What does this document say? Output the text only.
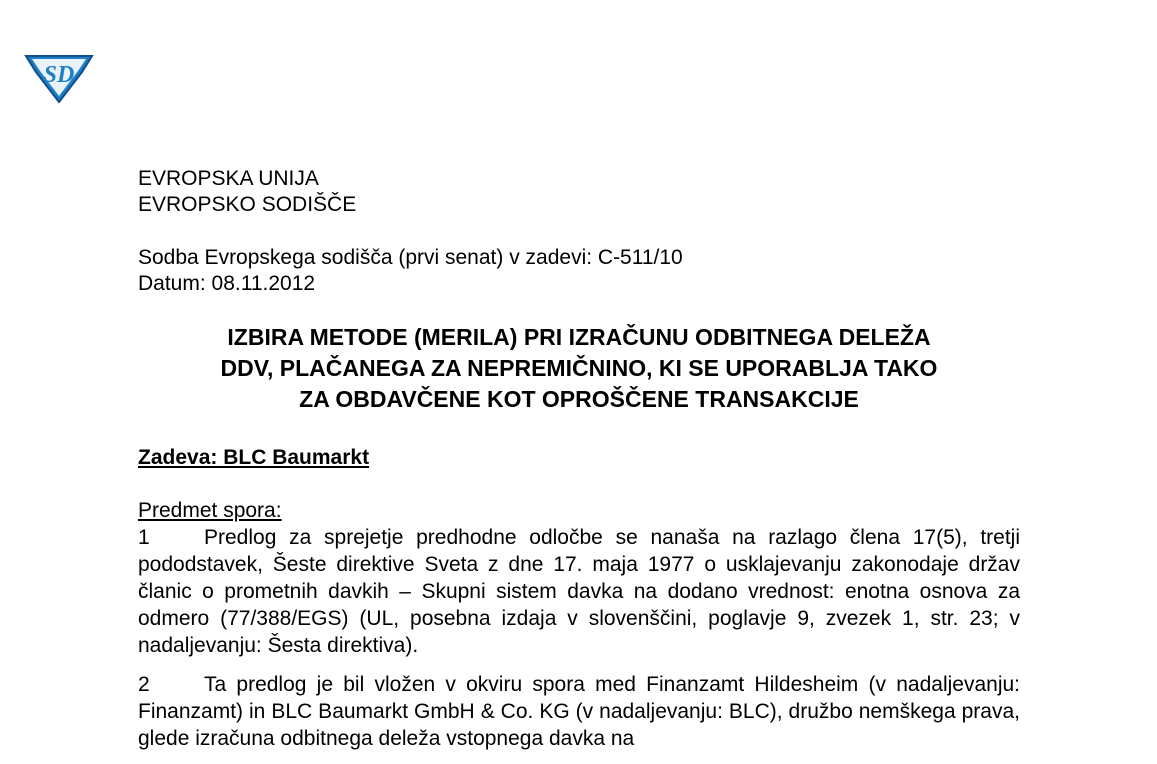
SD

EVROPSKA UNIJA

EVROPSKO SODIŠČE

Sodba Evropskega sodišča (prvi senat) v zadevi: C-511/10

Datum: 08.11.2012

IZBIRA METODE (MERILA) PRI IZRAČUNU ODBITNEGA DELEŽA
DDV, PLAČANEGA ZA NEPREMIČNINO, KI SE UPORABLJA TAKO
ZA OBDAVČENE KOT OPROŠČENE TRANSAKCIJE

Zadeva: BLC Baumarkt

Predmet spora:

1	Predlog za sprejetje predhodne odločbe se nanaša na razlago člena 17(5), tretji pododstavek, Šeste direktive Sveta z dne 17. maja 1977 o usklajevanju zakonodaje držav članic o prometnih davkih – Skupni sistem davka na dodano vrednost: enotna osnova za odmero (77/388/EGS) (UL, posebna izdaja v slovenščini, poglavje 9, zvezek 1, str. 23; v nadaljevanju: Šesta direktiva).

2	Ta predlog je bil vložen v okviru spora med Finanzamt Hildesheim (v nadaljevanju: Finanzamt) in BLC Baumarkt GmbH & Co. KG (v nadaljevanju: BLC), družbo nemškega prava, glede izračuna odbitnega deleža vstopnega davka na
